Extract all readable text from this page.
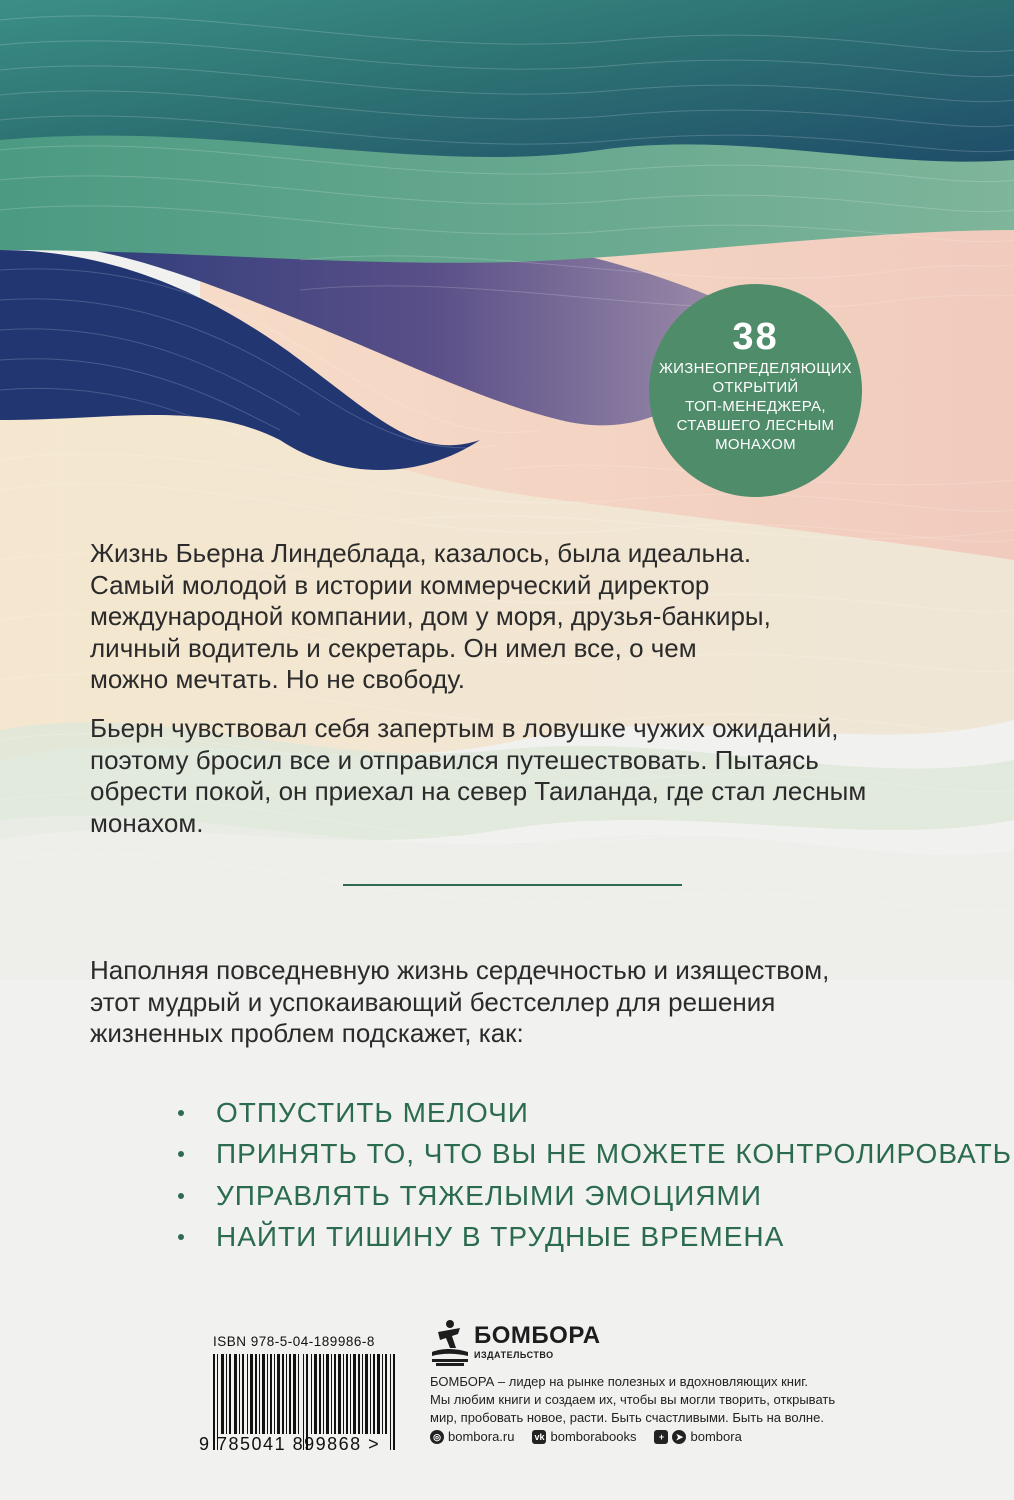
38
ЖИЗНЕОПРЕДЕЛЯЮЩИХ
ОТКРЫТИЙ
ТОП-МЕНЕДЖЕРА,
СТАВШЕГО ЛЕСНЫМ
МОНАХОМ
Жизнь Бьерна Линдеблада, казалось, была идеальна.
Самый молодой в истории коммерческий директор
международной компании, дом у моря, друзья-банкиры,
личный водитель и секретарь. Он имел все, о чем
можно мечтать. Но не свободу.
Бьерн чувствовал себя запертым в ловушке чужих ожиданий,
поэтому бросил все и отправился путешествовать. Пытаясь
обрести покой, он приехал на север Таиланда, где стал лесным
монахом.
Наполняя повседневную жизнь сердечностью и изяществом,
этот мудрый и успокаивающий бестселлер для решения
жизненных проблем подскажет, как:
ОТПУСТИТЬ МЕЛОЧИ
ПРИНЯТЬ ТО, ЧТО ВЫ НЕ МОЖЕТЕ КОНТРОЛИРОВАТЬ
УПРАВЛЯТЬ ТЯЖЕЛЫМИ ЭМОЦИЯМИ
НАЙТИ ТИШИНУ В ТРУДНЫЕ ВРЕМЕНА
ISBN 978-5-04-189986-8
9 785041 899868 >
БОМБОРА
ИЗДАТЕЛЬСТВО
БОМБОРА – лидер на рынке полезных и вдохновляющих книг.
Мы любим книги и создаем их, чтобы вы могли творить, открывать
мир, пробовать новое, расти. Быть счастливыми. Быть на волне.
◎ bombora.ru vk bomborabooks	+	➤ bombora
